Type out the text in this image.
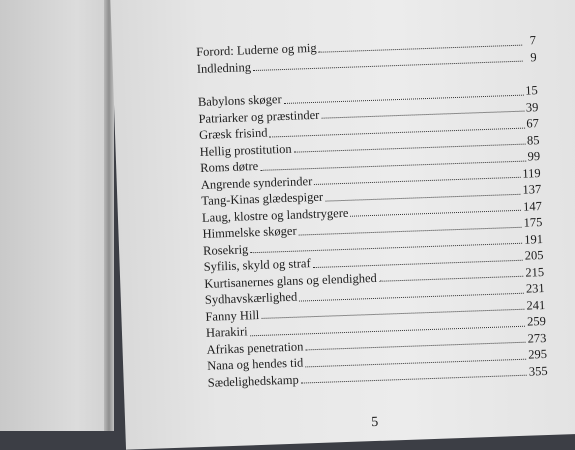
Forord: Luderne og mig
7
Indledning
9
Babylons skøger
15
Patriarker og præstinder
39
Græsk frisind
67
Hellig prostitution
85
Roms døtre
99
Angrende synderinder
119
Tang-Kinas glædespiger
137
Laug, klostre og landstrygere	147
Himmelske skøger
175
Rosekrig
191
Syfilis, skyld og straf
205
Kurtisanernes glans og elendighed	215
Sydhavskærlighed
231
Fanny Hill
241
Harakiri
259
Afrikas penetration
273
Nana og hendes tid
295
Sædelighedskamp
355
5
